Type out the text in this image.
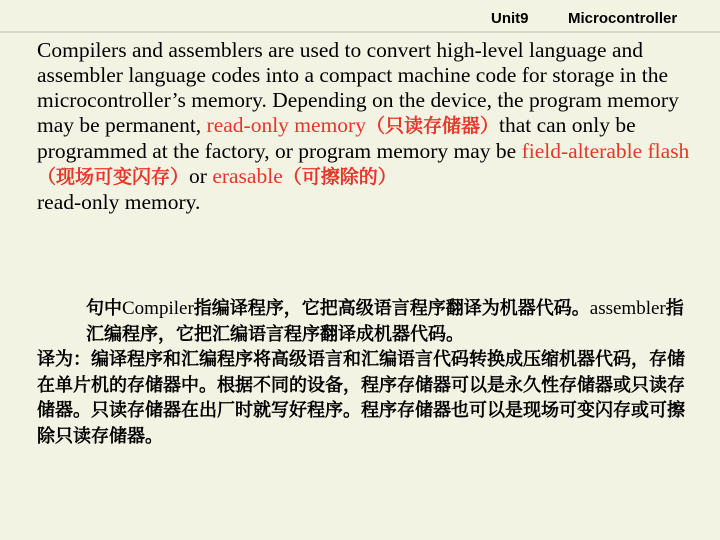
Unit9	Microcontroller

Compilers and assemblers are used to convert high-level language and assembler language codes into a compact machine code for storage in the microcontroller’s memory. Depending on the device, the program memory may be permanent, read-only memory（只读存储器）that can only be programmed at the factory, or program memory may be field-alterable flash（现场可变闪存）or erasable（可擦除的）
read-only memory.

句中Compiler指编译程序，它把高级语言程序翻译为机器代码。assembler指汇编程序，它把汇编语言程序翻译成机器代码。

译为：编译程序和汇编程序将高级语言和汇编语言代码转换成压缩机器代码，存储在单片机的存储器中。根据不同的设备，程序存储器可以是永久性存储器或只读存储器。只读存储器在出厂时就写好程序。程序存储器也可以是现场可变闪存或可擦除只读存储器。
